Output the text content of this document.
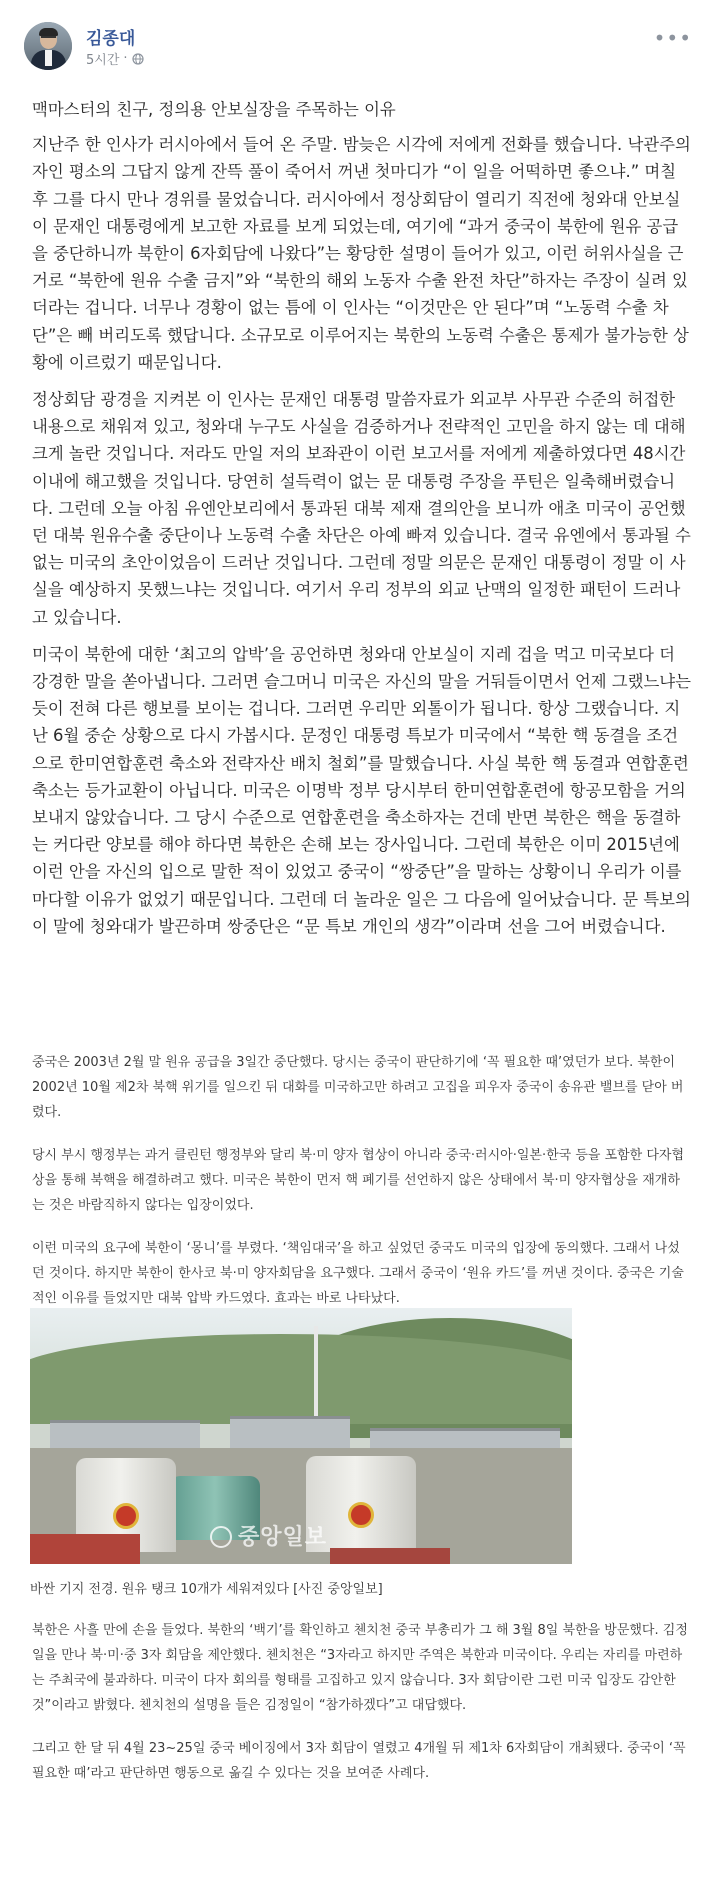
김종대
5시간 ·
•••

맥마스터의 친구, 정의용 안보실장을 주목하는 이유

지난주 한 인사가 러시아에서 들어 온 주말. 밤늦은 시각에 저에게 전화를 했습니다. 낙관주의자인 평소의 그답지 않게 잔뜩 풀이 죽어서 꺼낸 첫마디가 “이 일을 어떡하면 좋으냐.” 며칠 후 그를 다시 만나 경위를 물었습니다. 러시아에서 정상회담이 열리기 직전에 청와대 안보실이 문재인 대통령에게 보고한 자료를 보게 되었는데, 여기에 “과거 중국이 북한에 원유 공급을 중단하니까 북한이 6자회담에 나왔다”는 황당한 설명이 들어가 있고, 이런 허위사실을 근거로 “북한에 원유 수출 금지”와 “북한의 해외 노동자 수출 완전 차단”하자는 주장이 실려 있더라는 겁니다. 너무나 경황이 없는 틈에 이 인사는 “이것만은 안 된다”며 “노동력 수출 차단”은 빼 버리도록 했답니다. 소규모로 이루어지는 북한의 노동력 수출은 통제가 불가능한 상황에 이르렀기 때문입니다.

정상회담 광경을 지켜본 이 인사는 문재인 대통령 말씀자료가 외교부 사무관 수준의 허접한 내용으로 채워져 있고, 청와대 누구도 사실을 검증하거나 전략적인 고민을 하지 않는 데 대해 크게 놀란 것입니다. 저라도 만일 저의 보좌관이 이런 보고서를 저에게 제출하였다면 48시간 이내에 해고했을 것입니다. 당연히 설득력이 없는 문 대통령 주장을 푸틴은 일축해버렸습니다. 그런데 오늘 아침 유엔안보리에서 통과된 대북 제재 결의안을 보니까 애초 미국이 공언했던 대북 원유수출 중단이나 노동력 수출 차단은 아예 빠져 있습니다. 결국 유엔에서 통과될 수 없는 미국의 초안이었음이 드러난 것입니다. 그런데 정말 의문은 문재인 대통령이 정말 이 사실을 예상하지 못했느냐는 것입니다. 여기서 우리 정부의 외교 난맥의 일정한 패턴이 드러나고 있습니다.

미국이 북한에 대한 ‘최고의 압박’을 공언하면 청와대 안보실이 지레 겁을 먹고 미국보다 더 강경한 말을 쏟아냅니다. 그러면 슬그머니 미국은 자신의 말을 거둬들이면서 언제 그랬느냐는 듯이 전혀 다른 행보를 보이는 겁니다. 그러면 우리만 외톨이가 됩니다. 항상 그랬습니다. 지난 6월 중순 상황으로 다시 가봅시다. 문정인 대통령 특보가 미국에서 “북한 핵 동결을 조건으로 한미연합훈련 축소와 전략자산 배치 철회”를 말했습니다. 사실 북한 핵 동결과 연합훈련 축소는 등가교환이 아닙니다. 미국은 이명박 정부 당시부터 한미연합훈련에 항공모함을 거의 보내지 않았습니다. 그 당시 수준으로 연합훈련을 축소하자는 건데 반면 북한은 핵을 동결하는 커다란 양보를 해야 하다면 북한은 손해 보는 장사입니다. 그런데 북한은 이미 2015년에 이런 안을 자신의 입으로 말한 적이 있었고 중국이 “쌍중단”을 말하는 상황이니 우리가 이를 마다할 이유가 없었기 때문입니다. 그런데 더 놀라운 일은 그 다음에 일어났습니다. 문 특보의 이 말에 청와대가 발끈하며 쌍중단은 “문 특보 개인의 생각”이라며 선을 그어 버렸습니다.

중국은 2003년 2월 말 원유 공급을 3일간 중단했다. 당시는 중국이 판단하기에 ‘꼭 필요한 때’였던가 보다. 북한이 2002년 10월 제2차 북핵 위기를 일으킨 뒤 대화를 미국하고만 하려고 고집을 피우자 중국이 송유관 밸브를 닫아 버렸다.

당시 부시 행정부는 과거 클린턴 행정부와 달리 북·미 양자 협상이 아니라 중국·러시아·일본·한국 등을 포함한 다자협상을 통해 북핵을 해결하려고 했다. 미국은 북한이 먼저 핵 폐기를 선언하지 않은 상태에서 북·미 양자협상을 재개하는 것은 바람직하지 않다는 입장이었다.

이런 미국의 요구에 북한이 ‘몽니’를 부렸다. ‘책임대국’을 하고 싶었던 중국도 미국의 입장에 동의했다. 그래서 나섰던 것이다. 하지만 북한이 한사코 북·미 양자회담을 요구했다. 그래서 중국이 ‘원유 카드’를 꺼낸 것이다. 중국은 기술적인 이유를 들었지만 대북 압박 카드였다. 효과는 바로 나타났다.

중앙일보
바싼 기지 전경. 원유 탱크 10개가 세워져있다 [사진 중앙일보]

북한은 사흘 만에 손을 들었다. 북한의 ‘백기’를 확인하고 첸치천 중국 부총리가 그 해 3월 8일 북한을 방문했다. 김정일을 만나 북·미·중 3자 회담을 제안했다. 첸치천은 “3자라고 하지만 주역은 북한과 미국이다. 우리는 자리를 마련하는 주최국에 불과하다. 미국이 다자 회의를 형태를 고집하고 있지 않습니다. 3자 회담이란 그런 미국 입장도 감안한 것”이라고 밝혔다. 첸치천의 설명을 들은 김정일이 “참가하겠다”고 대답했다.

그리고 한 달 뒤 4월 23~25일 중국 베이징에서 3자 회담이 열렸고 4개월 뒤 제1차 6자회담이 개최됐다. 중국이 ‘꼭 필요한 때’라고 판단하면 행동으로 옮길 수 있다는 것을 보여준 사례다.
